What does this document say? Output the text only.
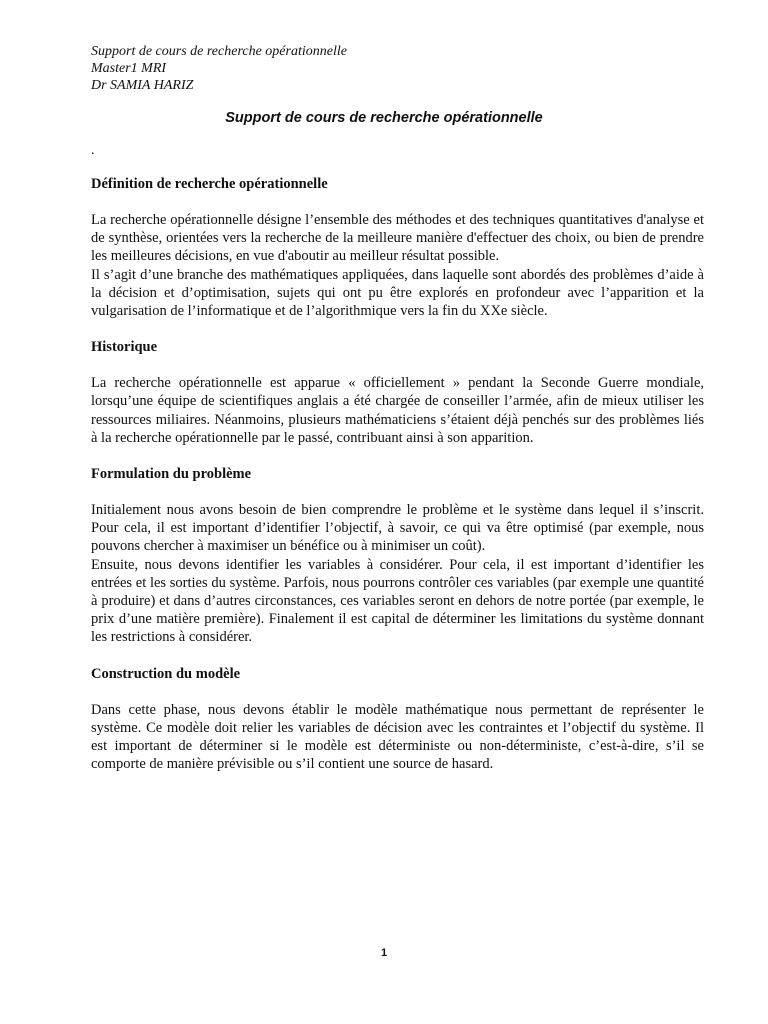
Support de cours de recherche opérationnelle
Master1 MRI
Dr SAMIA HARIZ
Support de cours de recherche opérationnelle
.
Définition de recherche opérationnelle

La recherche opérationnelle désigne l’ensemble des méthodes et des techniques quantitatives d'analyse et de synthèse, orientées vers la recherche de la meilleure manière d'effectuer des choix, ou bien de prendre les meilleures décisions, en vue d'aboutir au meilleur résultat possible.

Il s’agit d’une branche des mathématiques appliquées, dans laquelle sont abordés des problèmes d’aide à la décision et d’optimisation, sujets qui ont pu être explorés en profondeur avec l’apparition et la vulgarisation de l’informatique et de l’algorithmique vers la fin du XXe siècle.

Historique

La recherche opérationnelle est apparue « officiellement » pendant la Seconde Guerre mondiale, lorsqu’une équipe de scientifiques anglais a été chargée de conseiller l’armée, afin de mieux utiliser les ressources miliaires. Néanmoins, plusieurs mathématiciens s’étaient déjà penchés sur des problèmes liés à la recherche opérationnelle par le passé, contribuant ainsi à son apparition.

Formulation du problème

Initialement nous avons besoin de bien comprendre le problème et le système dans lequel il s’inscrit. Pour cela, il est important d’identifier l’objectif, à savoir, ce qui va être optimisé (par exemple, nous pouvons chercher à maximiser un bénéfice ou à minimiser un coût).

Ensuite, nous devons identifier les variables à considérer. Pour cela, il est important d’identifier les entrées et les sorties du système. Parfois, nous pourrons contrôler ces variables (par exemple une quantité à produire) et dans d’autres circonstances, ces variables seront en dehors de notre portée (par exemple, le prix d’une matière première). Finalement il est capital de déterminer les limitations du système donnant les restrictions à considérer.

Construction du modèle

Dans cette phase, nous devons établir le modèle mathématique nous permettant de représenter le système. Ce modèle doit relier les variables de décision avec les contraintes et l’objectif du système. Il est important de déterminer si le modèle est déterministe ou non-déterministe, c’est-à-dire, s’il se comporte de manière prévisible ou s’il contient une source de hasard.

1
